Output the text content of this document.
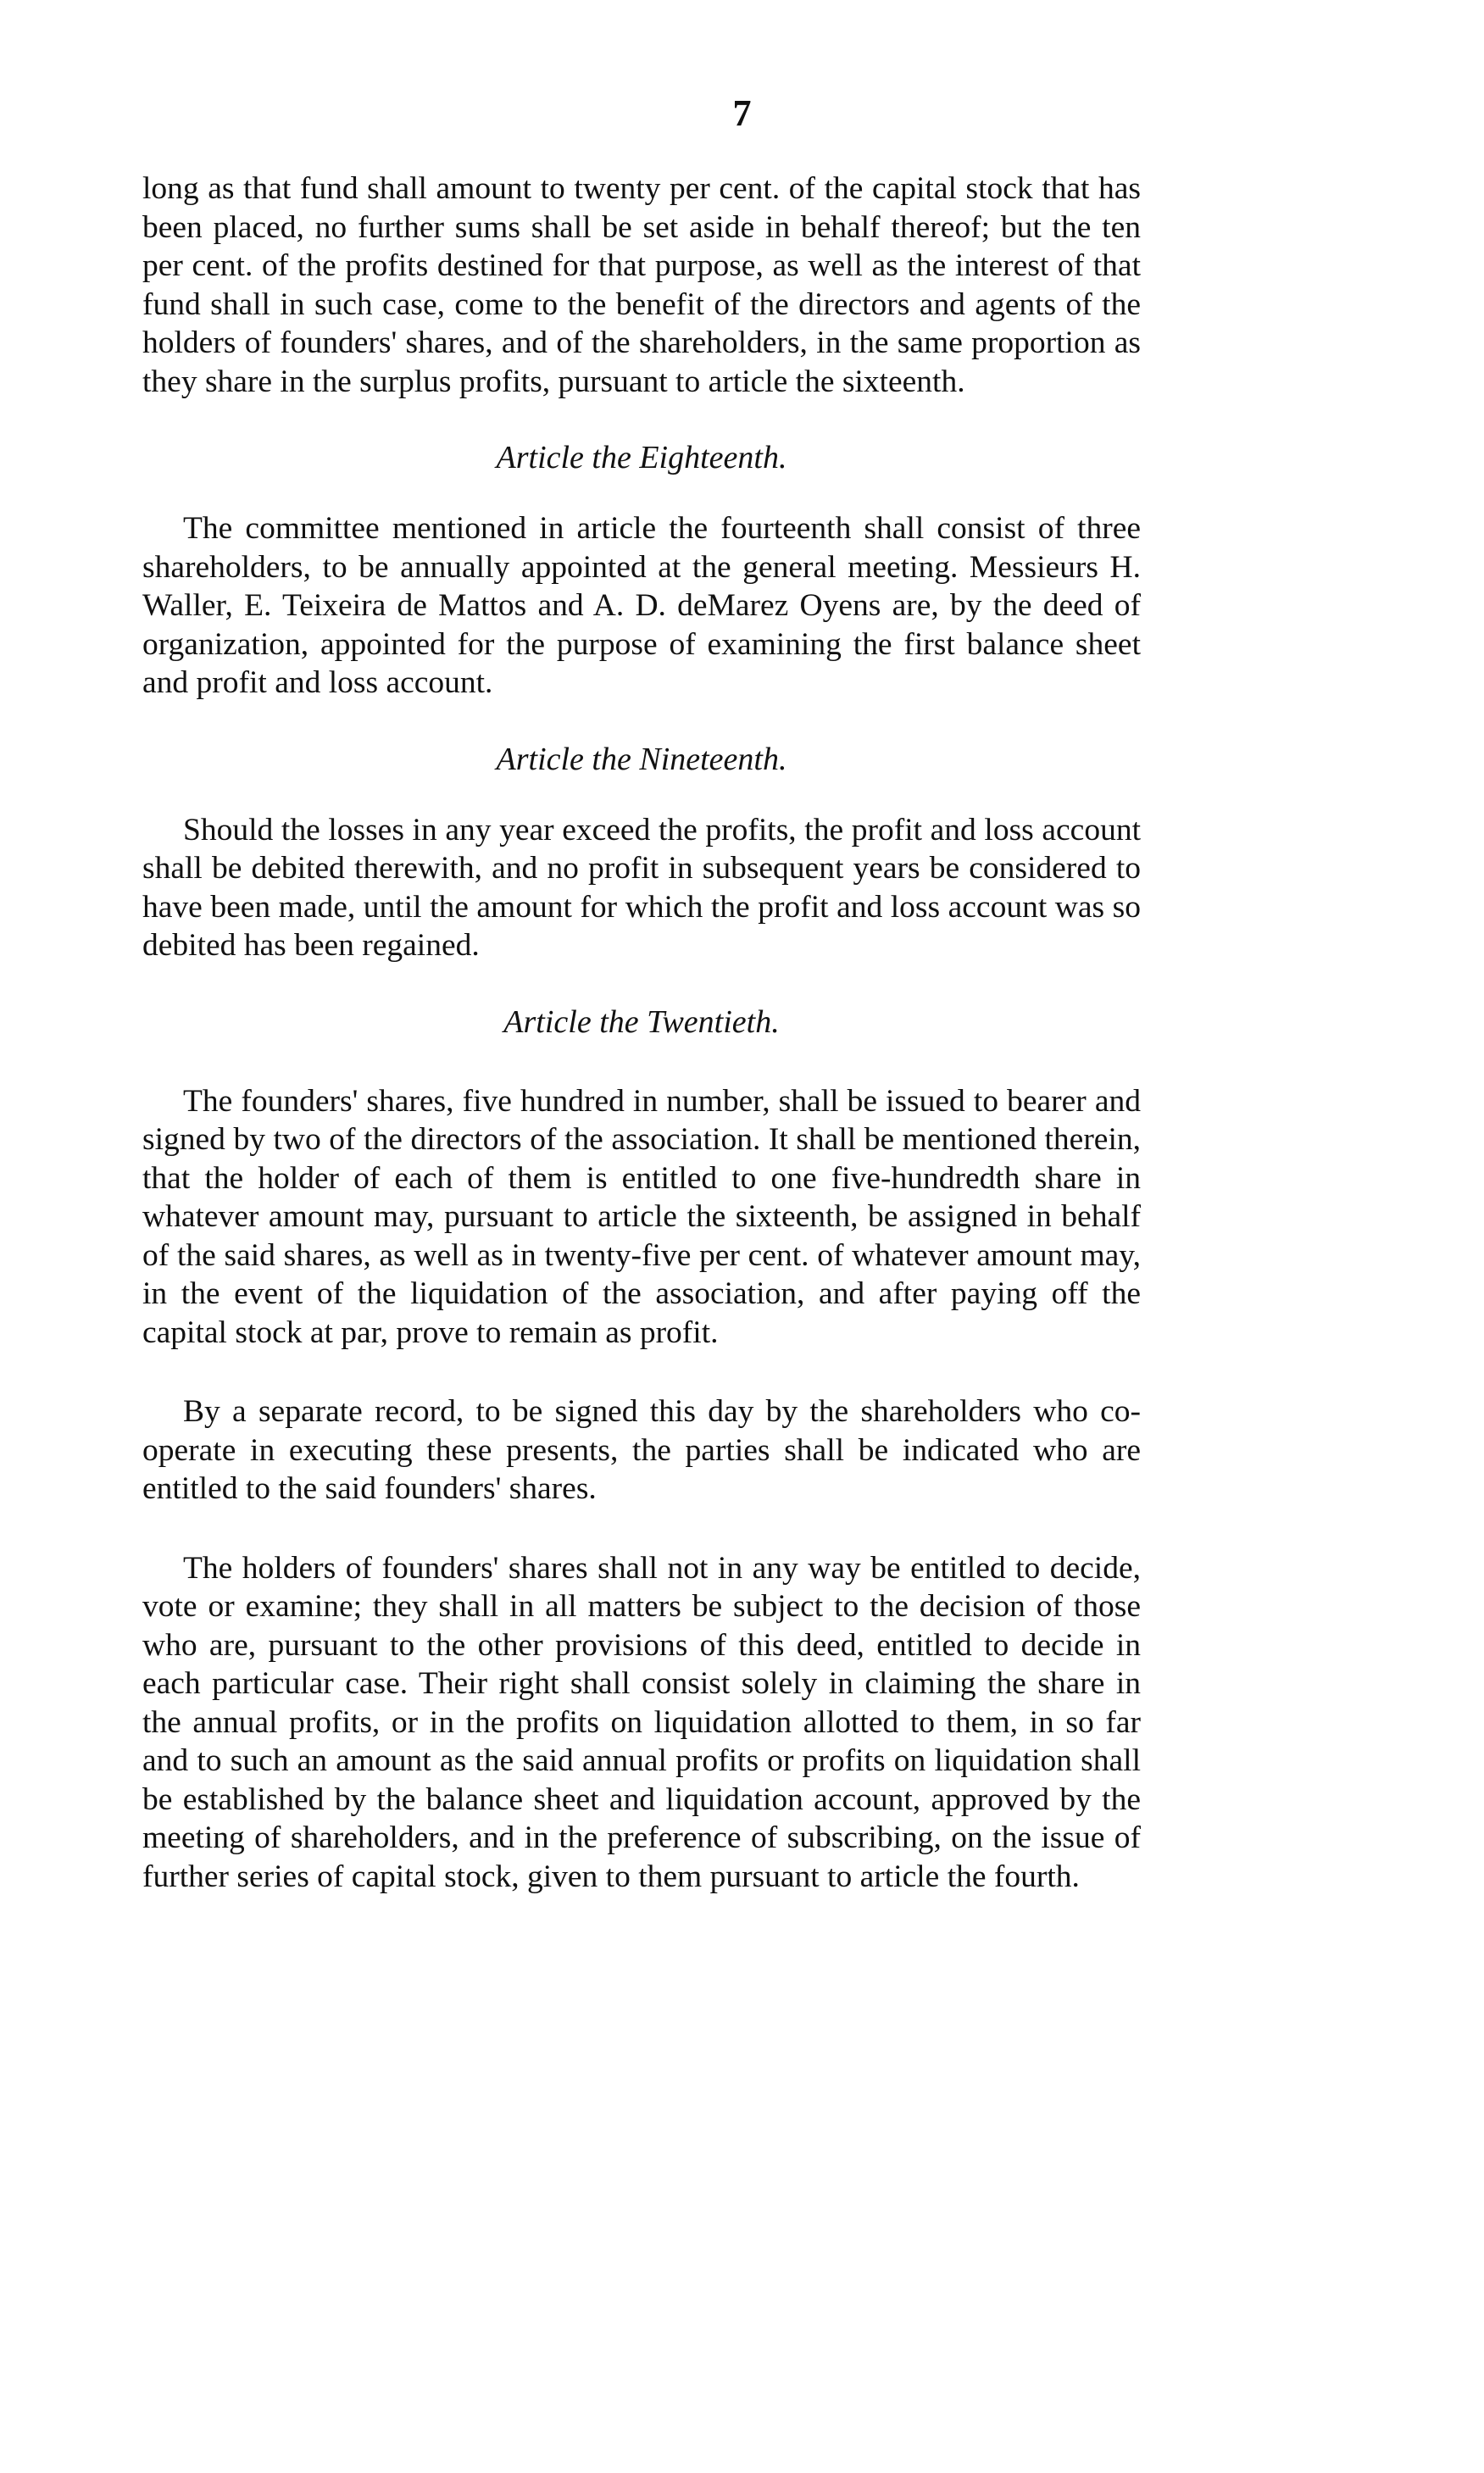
7

long as that fund shall amount to twenty per cent. of the capital stock that has been placed, no further sums shall be set aside in behalf thereof; but the ten per cent. of the profits destined for that purpose, as well as the interest of that fund shall in such case, come to the benefit of the directors and agents of the holders of founders' shares, and of the shareholders, in the same proportion as they share in the surplus profits, pursuant to article the sixteenth.

Article the Eighteenth.

The committee mentioned in article the fourteenth shall consist of three shareholders, to be annually appointed at the general meeting. Messieurs H. Waller, E. Teixeira de Mattos and A. D. deMarez Oyens are, by the deed of organization, appointed for the purpose of examining the first balance sheet and profit and loss account.

Article the Nineteenth.

Should the losses in any year exceed the profits, the profit and loss account shall be debited therewith, and no profit in subsequent years be considered to have been made, until the amount for which the profit and loss account was so debited has been regained.

Article the Twentieth.

The founders' shares, five hundred in number, shall be issued to bearer and signed by two of the directors of the association. It shall be mentioned therein, that the holder of each of them is entitled to one five-hundredth share in whatever amount may, pursuant to article the sixteenth, be assigned in behalf of the said shares, as well as in twenty-five per cent. of whatever amount may, in the event of the liquidation of the association, and after paying off the capital stock at par, prove to remain as profit.

By a separate record, to be signed this day by the shareholders who co-operate in executing these presents, the parties shall be indicated who are entitled to the said founders' shares.

The holders of founders' shares shall not in any way be entitled to decide, vote or examine; they shall in all matters be subject to the decision of those who are, pursuant to the other provisions of this deed, entitled to decide in each particular case. Their right shall consist solely in claiming the share in the annual profits, or in the profits on liquidation allotted to them, in so far and to such an amount as the said annual profits or profits on liquidation shall be established by the balance sheet and liquidation account, approved by the meeting of shareholders, and in the preference of subscribing, on the issue of further series of capital stock, given to them pursuant to article the fourth.
